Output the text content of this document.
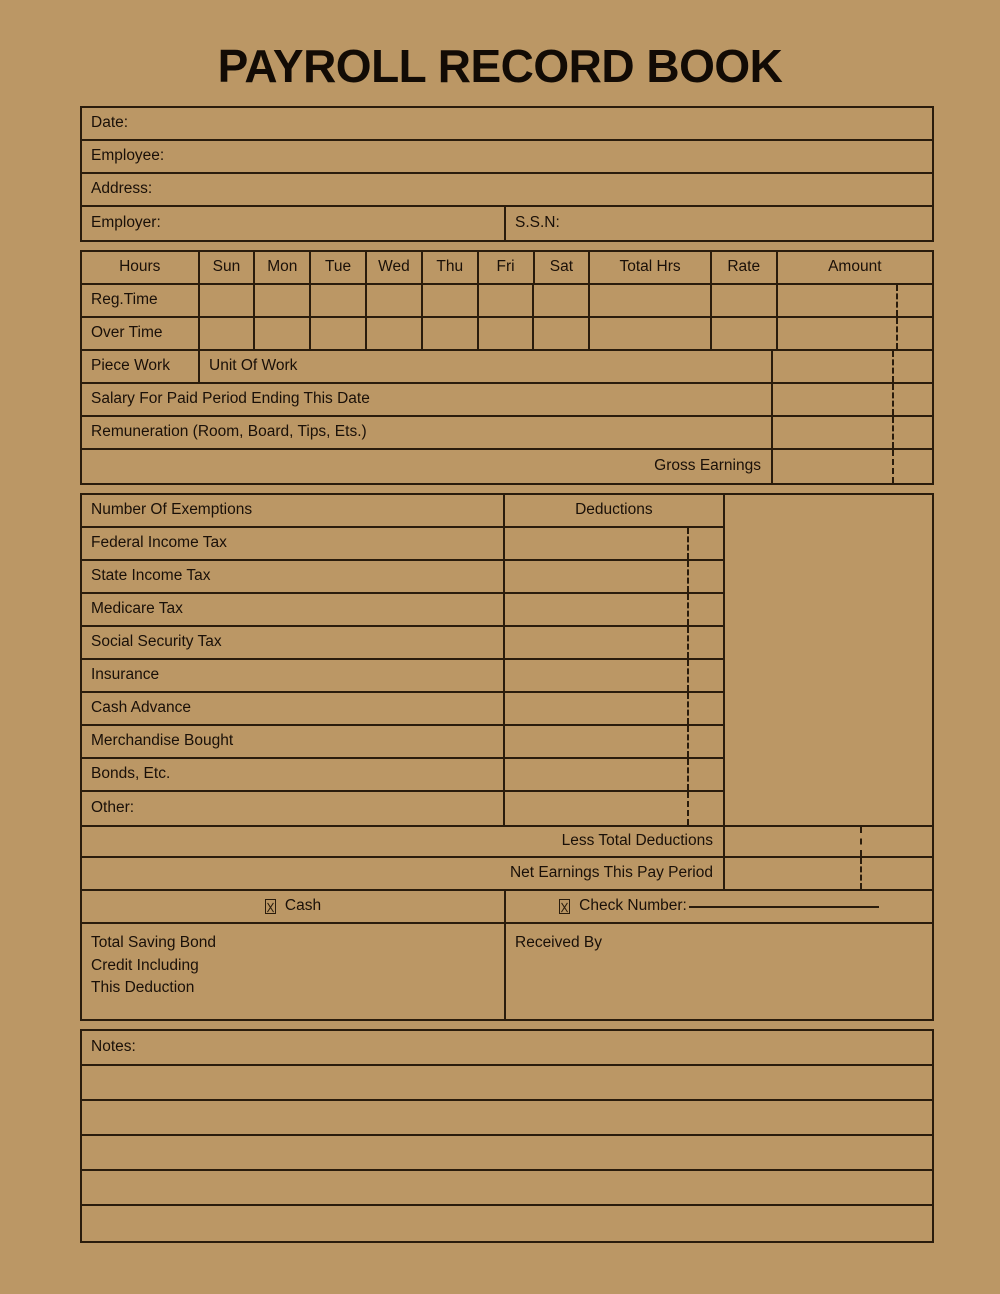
PAYROLL RECORD BOOK
Date:
Employee:
Address:
Employer:	S.S.N:
Hours	Sun	Mon	Tue	Wed	Thu	Fri	Sat	Total Hrs	Rate	Amount
Reg.Time
Over Time
Piece Work	Unit Of Work
Salary For Paid Period Ending This Date
Remuneration (Room, Board, Tips, Ets.)
Gross Earnings
Number Of Exemptions	Deductions
Federal Income Tax
State Income Tax
Medicare Tax
Social Security Tax
Insurance
Cash Advance
Merchandise Bought
Bonds, Etc.
Other:
Less Total Deductions
Net Earnings This Pay Period
Cash	Check Number:
Total Saving Bond
Credit Including
This Deduction
Received By
Notes:
